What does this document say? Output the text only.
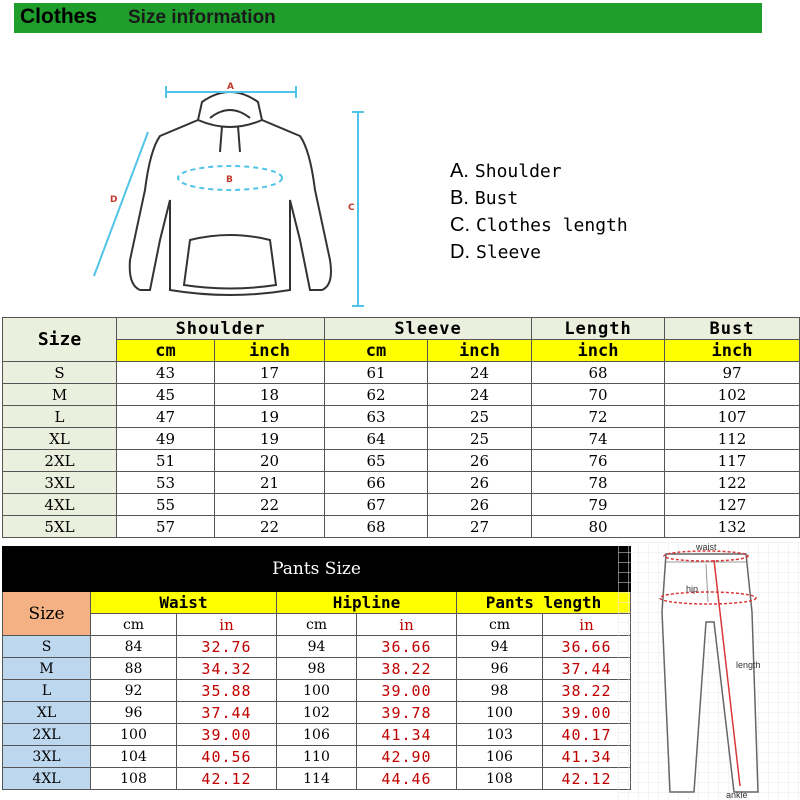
Clothes Size information
A
B
C
D
A. Shoulder
B. Bust
C. Clothes length
D. Sleeve
Size	Shoulder		Sleeve		Length	Bust
	cm	inch	cm	inch	inch	inch
S	43	17	61	24	68	97
M	45	18	62	24	70	102
L	47	19	63	25	72	107
XL	49	19	64	25	74	112
2XL	51	20	65	26	76	117
3XL	53	21	66	26	78	122
4XL	55	22	67	26	79	127
5XL	57	22	68	27	80	132
Pants Size						
Size	Waist		Hipline		Pants length	
	cm	in	cm	in	cm	in
S	84	32.76	94	36.66	94	36.66
M	88	34.32	98	38.22	96	37.44
L	92	35.88	100	39.00	98	38.22
XL	96	37.44	102	39.78	100	39.00
2XL	100	39.00	106	41.34	103	40.17
3XL	104	40.56	110	42.90	106	41.34
4XL	108	42.12	114	44.46	108	42.12
waist
hip
length
ankle
